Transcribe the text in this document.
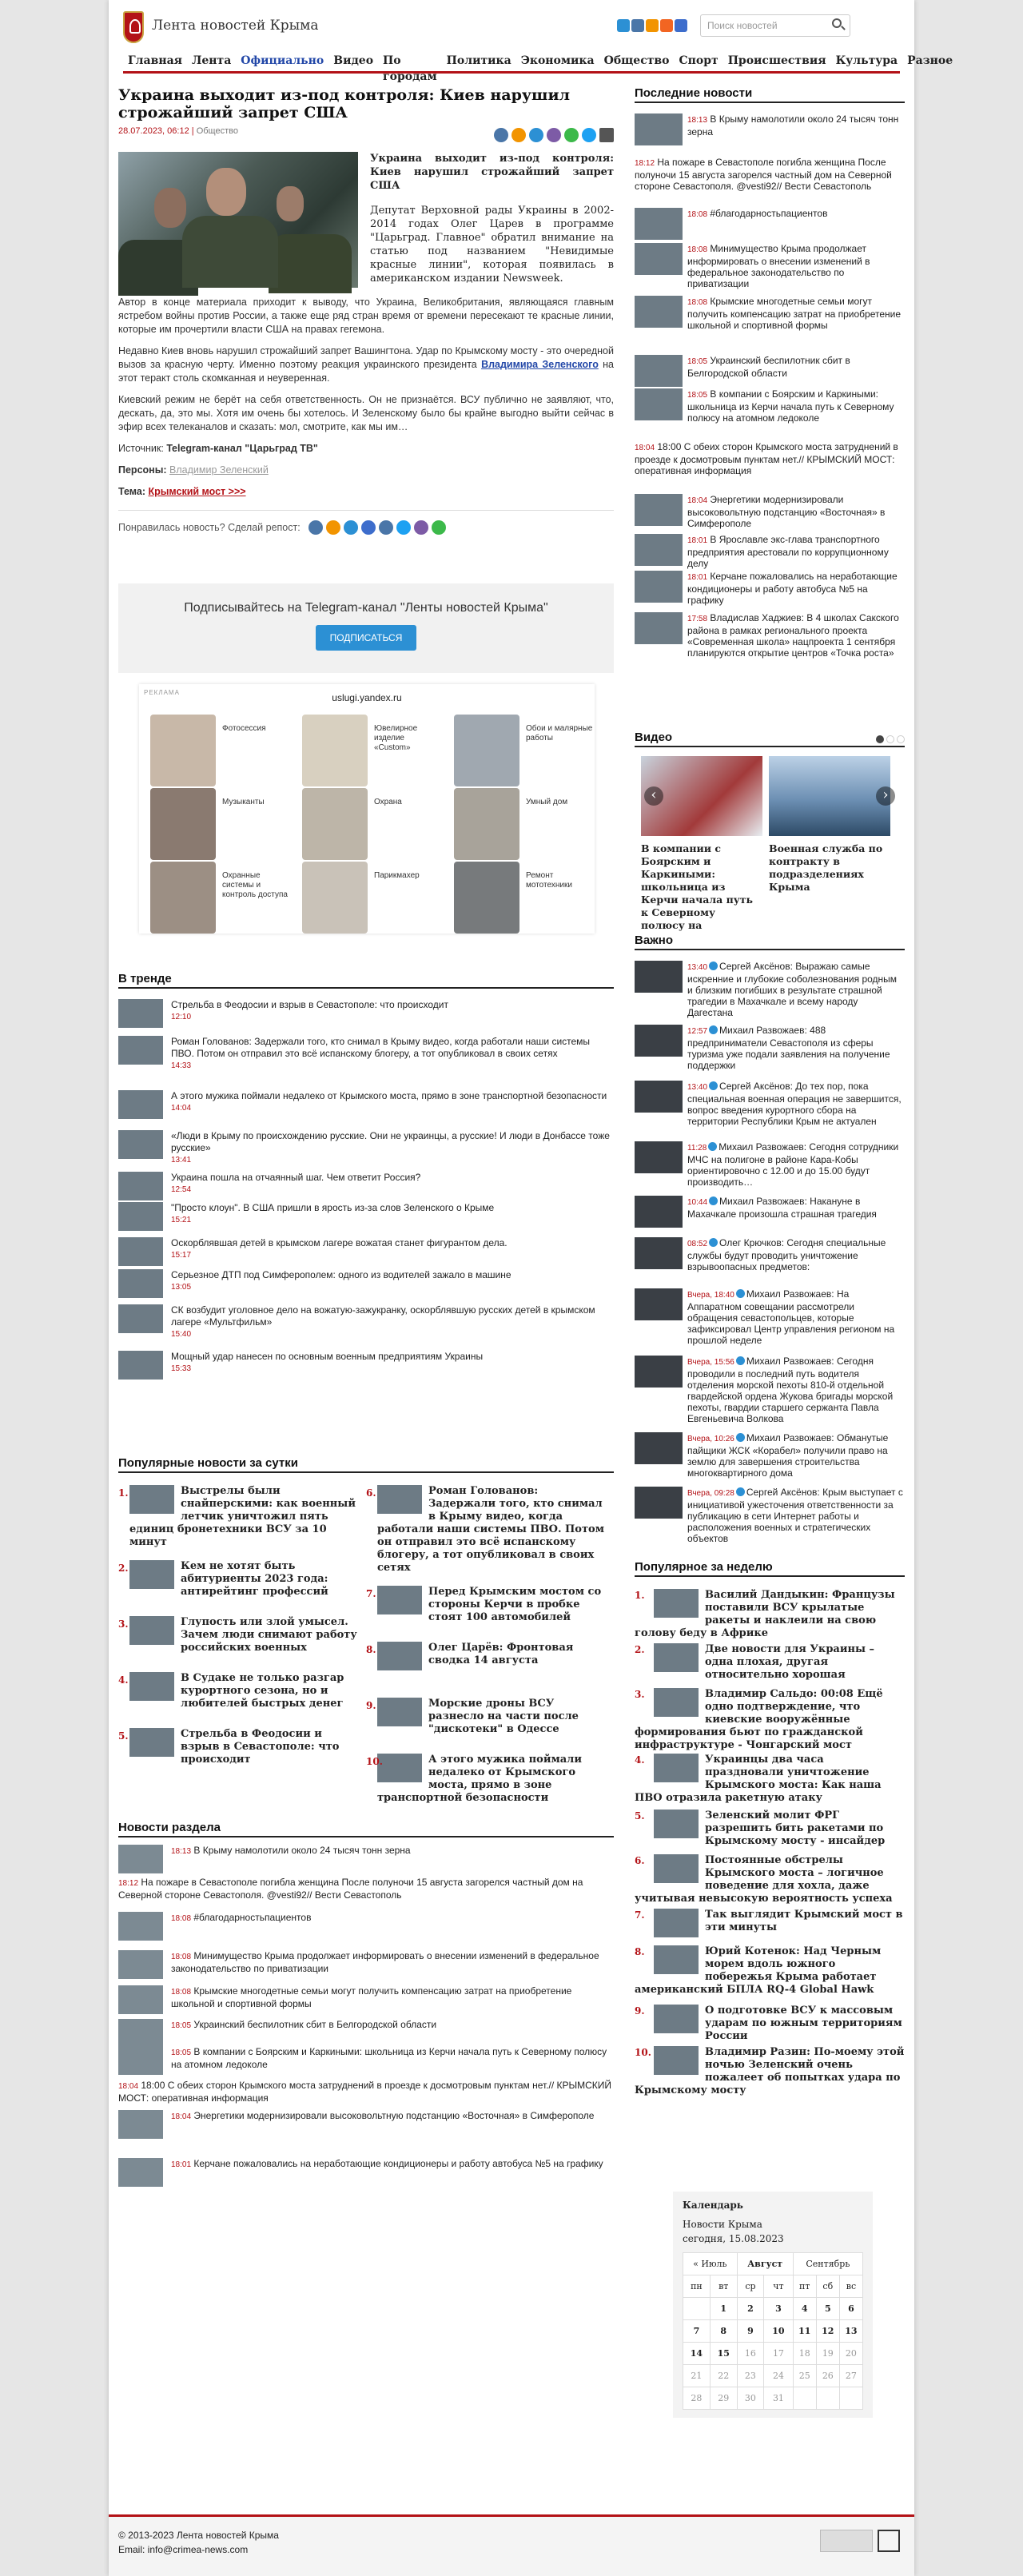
Лента новостей Крыма	Поиск новостей
Главная Лента Официально Видео По городам
Политика Экономика Общество Спорт Происшествия Культура Разное
Украина выходит из-под контроля: Киев нарушил строжайший запрет США
28.07.2023, 06:12 | Общество
Украина выходит из-под контроля: Киев нарушил строжайший запрет США
Депутат Верховной рады Украины в 2002-2014 годах Олег Царев в программе "Царьград. Главное" обратил внимание на статью под названием "Невидимые красные линии", которая появилась в американском издании Newsweek.

Автор в конце материала приходит к выводу, что Украина, Великобритания, являющаяся главным ястребом войны против России, а также еще ряд стран время от времени пересекают те красные линии, которые им прочертили власти США на правах гегемона.

Недавно Киев вновь нарушил строжайший запрет Вашингтона. Удар по Крымскому мосту - это очередной вызов за красную черту. Именно поэтому реакция украинского президента Владимира Зеленского на этот теракт столь скомканная и неуверенная.

Киевский режим не берёт на себя ответственность. Он не признаётся. ВСУ публично не заявляют, что, дескать, да, это мы. Хотя им очень бы хотелось. И Зеленскому было бы крайне выгодно выйти сейчас в эфир всех телеканалов и сказать: мол, смотрите, как мы им…

Источник: Telegram-канал "Царьград ТВ"
Персоны: Владимир Зеленский
Тема: Крымский мост >>>
Понравилась новость? Сделай репост:
Подписывайтесь на Telegram-канал "Ленты новостей Крыма"
ПОДПИСАТЬСЯ
РЕКЛАМА	uslugi.yandex.ru
Фотосессия	Ювелирное изделие «Custom»
Обои и малярные работы
Музыканты	Охрана	Умный дом
Охранные системы и контроль доступа
Парикмахер	Ремонт мототехники
В тренде
Стрельба в Феодосии и взрыв в Севастополе: что происходит
12:10
Роман Голованов: Задержали того, кто снимал в Крыму видео, когда работали наши системы ПВО. Потом он отправил это всё испанскому блогеру, а тот опубликовал в своих сетях
14:33
А этого мужика поймали недалеко от Крымского моста, прямо в зоне транспортной безопасности
14:04
«Люди в Крыму по происхождению русские. Они не украинцы, а русские! И люди в Донбассе тоже русские»
13:41
Украина пошла на отчаянный шаг. Чем ответит Россия?
12:54
"Просто клоун". В США пришли в ярость из-за слов Зеленского о Крыме
15:21
Оскорблявшая детей в крымском лагере вожатая станет фигурантом дела.
15:17
Серьезное ДТП под Симферополем: одного из водителей зажало в машине
13:05
СК возбудит уголовное дело на вожатую-зажукранку, оскорблявшую русских детей в крымском лагере «Мультфильм»
15:40
Мощный удар нанесен по основным военным предприятиям Украины
15:33
Популярные новости за сутки
1.	Выстрелы были снайперскими: как военный летчик уничтожил пять единиц бронетехники ВСУ за 10 минут
2.	Кем не хотят быть абитуриенты 2023 года: антирейтинг профессий
3.	Глупость или злой умысел. Зачем люди снимают работу российских военных
4.	В Судаке не только разгар курортного сезона, но и любителей быстрых денег
5.	Стрельба в Феодосии и взрыв в Севастополе: что происходит
6.	Роман Голованов: Задержали того, кто снимал в Крыму видео, когда работали наши системы ПВО. Потом он отправил это всё испанскому блогеру, а тот опубликовал в своих сетях
7.	Перед Крымским мостом со стороны Керчи в пробке стоят 100 автомобилей
8.	Олег Царёв: Фронтовая сводка 14 августа
9.	Морские дроны ВСУ разнесло на части после "дискотеки" в Одессе
10.	А этого мужика поймали недалеко от Крымского моста, прямо в зоне транспортной безопасности
Новости раздела
18:13 В Крыму намолотили около 24 тысяч тонн зерна
18:12 На пожаре в Севастополе погибла женщина После полуночи 15 августа загорелся частный дом на Северной стороне Севастополя. @vesti92// Вести Севастополь
18:08 #благодарностьпациентов
18:08 Минимущество Крыма продолжает информировать о внесении изменений в федеральное законодательство по приватизации
18:08 Крымские многодетные семьи могут получить компенсацию затрат на приобретение школьной и спортивной формы
18:05 Украинский беспилотник сбит в Белгородской области
18:05 В компании с Боярским и Каркиными: школьница из Керчи начала путь к Северному полюсу на атомном ледоколе
18:04 18:00 С обеих сторон Крымского моста затруднений в проезде к досмотровым пунктам нет.// КРЫМСКИЙ МОСТ: оперативная информация
18:04 Энергетики модернизировали высоковольтную подстанцию «Восточная» в Симферополе
18:01 Керчане пожаловались на неработающие кондиционеры и работу автобуса №5 на графику
Последние новости
18:13 В Крыму намолотили около 24 тысяч тонн зерна
18:12 На пожаре в Севастополе погибла женщина После полуночи 15 августа загорелся частный дом на Северной стороне Севастополя. @vesti92// Вести Севастополь
18:08 #благодарностьпациентов
18:08 Минимущество Крыма продолжает информировать о внесении изменений в федеральное законодательство по приватизации
18:08 Крымские многодетные семьи могут получить компенсацию затрат на приобретение школьной и спортивной формы
18:05 Украинский беспилотник сбит в Белгородской области
18:05 В компании с Боярским и Каркиными: школьница из Керчи начала путь к Северному полюсу на атомном ледоколе
18:04 18:00 С обеих сторон Крымского моста затруднений в проезде к досмотровым пунктам нет.// КРЫМСКИЙ МОСТ: оперативная информация
18:04 Энергетики модернизировали высоковольтную подстанцию «Восточная» в Симферополе
18:01 В Ярославле экс-глава транспортного предприятия арестовали по коррупционному делу
18:01 Керчане пожаловались на неработающие кондиционеры и работу автобуса №5 на графику
17:58 Владислав Хаджиев: В 4 школах Сакского района в рамках регионального проекта «Современная школа» нацпроекта 1 сентября планируются открытие центров «Точка роста»
Видео
‹	›
В компании с Боярским и Каркиными: школьница из Керчи начала путь к Северному полюсу на
Военная служба по контракту в подразделениях Крыма
Важно
13:40 Сергей Аксёнов: Выражаю самые искренние и глубокие соболезнования родным и близким погибших в результате страшной трагедии в Махачкале и всему народу Дагестана
12:57 Михаил Развожаев: 488 предприниматели Севастополя из сферы туризма уже подали заявления на получение поддержки
13:40 Сергей Аксёнов: До тех пор, пока специальная военная операция не завершится, вопрос введения курортного сбора на территории Республики Крым не актуален
11:28 Михаил Развожаев: Сегодня сотрудники МЧС на полигоне в районе Кара-Кобы ориентировочно с 12.00 и до 15.00 будут производить…
10:44 Михаил Развожаев: Накануне в Махачкале произошла страшная трагедия
08:52 Олег Крючков: Сегодня специальные службы будут проводить уничтожение взрывоопасных предметов:
Вчера, 18:40 Михаил Развожаев: На Аппаратном совещании рассмотрели обращения севастопольцев, которые зафиксировал Центр управления регионом на прошлой неделе
Вчера, 15:56 Михаил Развожаев: Сегодня проводили в последний путь водителя отделения морской пехоты 810-й отдельной гвардейской ордена Жукова бригады морской пехоты, гвардии старшего сержанта Павла Евгеньевича Волкова
Вчера, 10:26 Михаил Развожаев: Обманутые пайщики ЖСК «Корабел» получили право на землю для завершения строительства многоквартирного дома
Вчера, 09:28 Сергей Аксёнов: Крым выступает с инициативой ужесточения ответственности за публикацию в сети Интернет работы и расположения военных и стратегических объектов
Популярное за неделю
1.	Василий Дандыкин: Французы поставили ВСУ крылатые ракеты и наклеили на свою голову беду в Африке
2.	Две новости для Украины – одна плохая, другая относительно хорошая
3.	Владимир Сальдо: 00:08 Ещё одно подтверждение, что киевские вооружённые формирования бьют по гражданской инфраструктуре - Чонгарский мост
4.	Украинцы два часа праздновали уничтожение Крымского моста: Как наша ПВО отразила ракетную атаку
5.	Зеленский молит ФРГ разрешить бить ракетами по Крымскому мосту - инсайдер
6.	Постоянные обстрелы Крымского моста – логичное поведение для хохла, даже учитывая невысокую вероятность успеха
7.	Так выглядит Крымский мост в эти минуты
8.	Юрий Котенок: Над Черным морем вдоль южного побережья Крыма работает американский БПЛА RQ-4 Global Hawk
9.	О подготовке ВСУ к массовым ударам по южным территориям России
10.	Владимир Разин: По-моему этой ночью Зеленский очень пожалеет об попытках удара по Крымскому мосту
Календарь
Новости Крыма сегодня, 15.08.2023
« Июль		Август		Сентябрь		
пн	вт	ср	чт	пт	сб	вс
	1	2	3	4	5	6
7	8	9	10	11	12	13
14	15	16	17	18	19	20
21	22	23	24	25	26	27
28	29	30	31			
© 2013-2023 Лента новостей Крыма
Email: info@crimea-news.com
